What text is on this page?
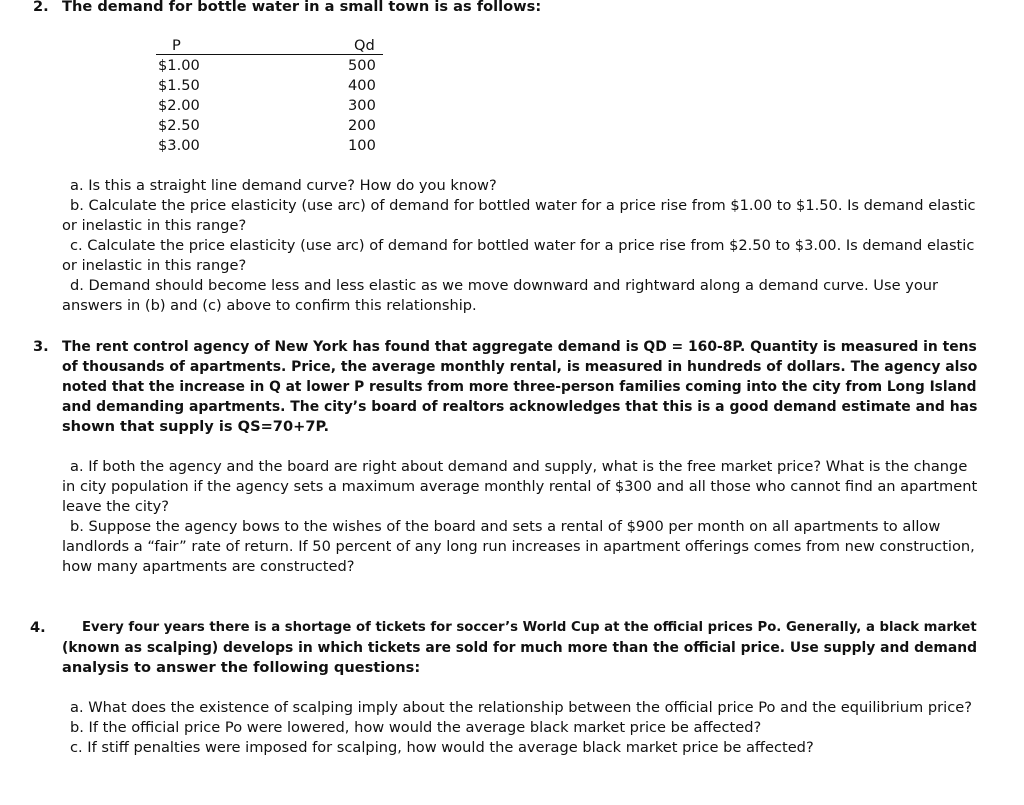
2. The demand for bottle water in a small town is as follows:
P	Qd
$1.00
$1.50
$2.00
$2.50
$3.00
500
400
300
200
100
a. Is this a straight line demand curve? How do you know?
b. Calculate the price elasticity (use arc) of demand for bottled water for a price rise from $1.00 to $1.50. Is demand elastic
or inelastic in this range?
c. Calculate the price elasticity (use arc) of demand for bottled water for a price rise from $2.50 to $3.00. Is demand elastic
or inelastic in this range?
d. Demand should become less and less elastic as we move downward and rightward along a demand curve. Use your
answers in (b) and (c) above to confirm this relationship.
3. The rent control agency of New York has found that aggregate demand is QD = 160-8P. Quantity is measured in tens
of thousands of apartments. Price, the average monthly rental, is measured in hundreds of dollars. The agency also
noted that the increase in Q at lower P results from more three-person families coming into the city from Long Island
and demanding apartments. The city’s board of realtors acknowledges that this is a good demand estimate and has
shown that supply is QS=70+7P.
a. If both the agency and the board are right about demand and supply, what is the free market price? What is the change
in city population if the agency sets a maximum average monthly rental of $300 and all those who cannot find an apartment
leave the city?
b. Suppose the agency bows to the wishes of the board and sets a rental of $900 per month on all apartments to allow
landlords a “fair” rate of return. If 50 percent of any long run increases in apartment offerings comes from new construction,
how many apartments are constructed?
4.	Every four years there is a shortage of tickets for soccer’s World Cup at the official prices Po. Generally, a black market
(known as scalping) develops in which tickets are sold for much more than the official price. Use supply and demand
analysis to answer the following questions:
a. What does the existence of scalping imply about the relationship between the official price Po and the equilibrium price?
b. If the official price Po were lowered, how would the average black market price be affected?
c. If stiff penalties were imposed for scalping, how would the average black market price be affected?
